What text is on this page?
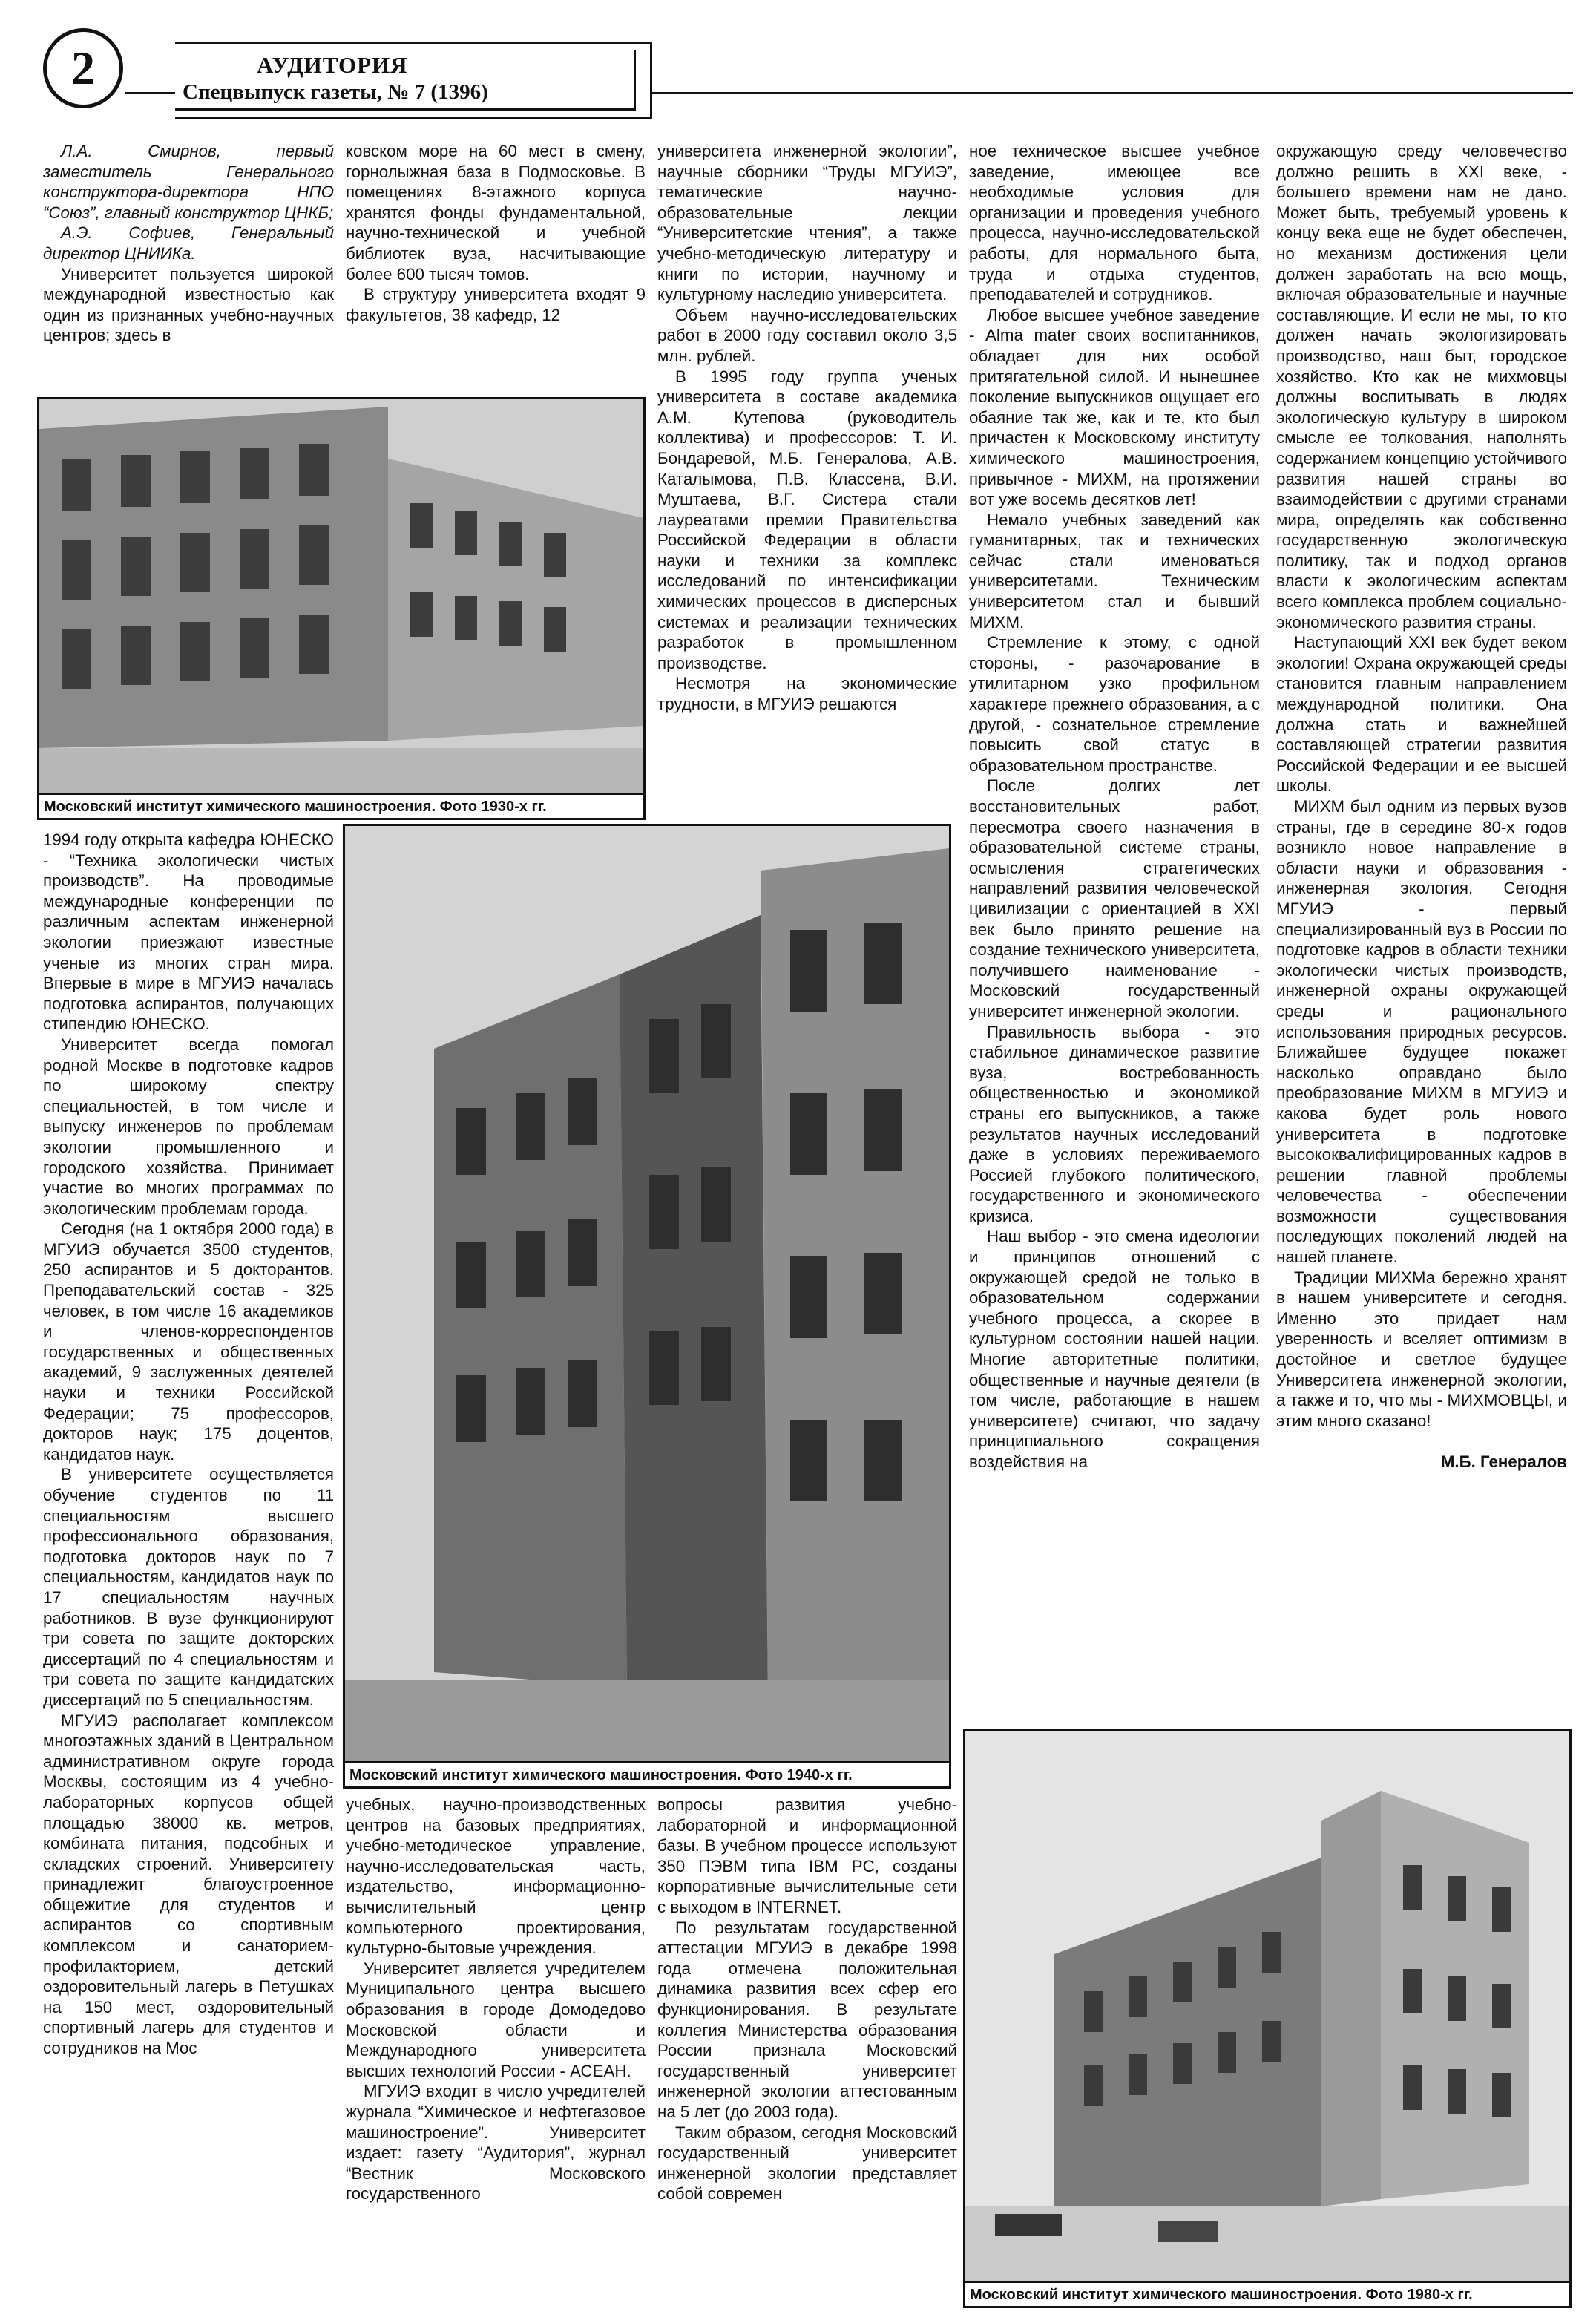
2	АУДИТОРИЯ
Спецвыпуск газеты, № 7 (1396)

Л.А. Смирнов, первый заместитель Генерального конструктора-директора НПО “Союз”, главный конструктор ЦНКБ;

А.Э. Софиев, Генеральный директор ЦНИИКа.

Университет пользуется широкой международной известностью как один из признанных учебно-научных центров; здесь в

ковском море на 60 мест в смену, горнолыжная база в Подмосковье. В помещениях 8-этажного корпуса хранятся фонды фундаментальной, научно-технической и учебной библиотек вуза, насчитывающие более 600 тысяч томов.

В структуру университета входят 9 факультетов, 38 кафедр, 12

Московский институт химического машиностроения. Фото 1930-х гг.

университета инженерной экологии”, научные сборники “Труды МГУИЭ”, тематические научно-образовательные лекции “Университетские чтения”, а также учебно-методическую литературу и книги по истории, научному и культурному наследию университета.

Объем научно-исследовательских работ в 2000 году составил около 3,5 млн. рублей.

В 1995 году группа ученых университета в составе академика А.М. Кутепова (руководитель коллектива) и профессоров: Т. И. Бондаревой, М.Б. Генералова, А.В. Каталымова, П.В. Класcена, В.И. Муштаева, В.Г. Систера стали лауреатами премии Правительства Российской Федерации в области науки и техники за комплекс исследований по интенсификации химических процессов в дисперсных системах и реализации технических разработок в промышленном производстве.

Несмотря на экономические трудности, в МГУИЭ решаются

1994 году открыта кафедра ЮНЕСКО - “Техника экологически чистых производств”. На проводимые международные конференции по различным аспектам инженерной экологии приезжают известные ученые из многих стран мира. Впервые в мире в МГУИЭ началась подготовка аспирантов, получающих стипендию ЮНЕСКО.

Университет всегда помогал родной Москве в подготовке кадров по широкому спектру специальностей, в том числе и выпуску инженеров по проблемам экологии промышленного и городского хозяйства. Принимает участие во многих программах по экологическим проблемам города.

Сегодня (на 1 октября 2000 года) в МГУИЭ обучается 3500 студентов, 250 аспирантов и 5 докторантов. Преподавательский состав - 325 человек, в том числе 16 академиков и членов-корреспондентов государственных и общественных академий, 9 заслуженных деятелей науки и техники Российской Федерации; 75 профессоров, докторов наук; 175 доцентов, кандидатов наук.

В университете осуществляется обучение студентов по 11 специальностям высшего профессионального образования, подготовка докторов наук по 7 специальностям, кандидатов наук по 17 специальностям научных работников. В вузе функционируют три совета по защите докторских диссертаций по 4 специальностям и три совета по защите кандидатских диссертаций по 5 специальностям.

МГУИЭ располагает комплексом многоэтажных зданий в Центральном административном округе города Москвы, состоящим из 4 учебно-лабораторных корпусов общей площадью 38000 кв. метров, комбината питания, подсобных и складских строений. Университету принадлежит благоустроенное общежитие для студентов и аспирантов со спортивным комплексом и санаторием-профилакторием, детский оздоровительный лагерь в Петушках на 150 мест, оздоровительный спортивный лагерь для студентов и сотрудников на Мос

Московский институт химического машиностроения. Фото 1940-х гг.

учебных, научно-производственных центров на базовых предприятиях, учебно-методическое управление, научно-исследовательская часть, издательство, информационно-вычислительный центр компьютерного проектирования, культурно-бытовые учреждения.

Университет является учредителем Муниципального центра высшего образования в городе Домодедово Московской области и Международного университета высших технологий России - АСЕАН.

МГУИЭ входит в число учредителей журнала “Химическое и нефтегазовое машиностроение”. Университет издает: газету “Аудитория”, журнал “Вестник Московского государственного

вопросы развития учебно-лабораторной и информационной базы. В учебном процессе используют 350 ПЭВМ типа IBM PC, созданы корпоративные вычислительные сети с выходом в INTERNET.

По результатам государственной аттестации МГУИЭ в декабре 1998 года отмечена положительная динамика развития всех сфер его функционирования. В результате коллегия Министерства образования России признала Московский государственный университет инженерной экологии аттестованным на 5 лет (до 2003 года).

Таким образом, сегодня Московский государственный университет инженерной экологии представляет собой современ

ное техническое высшее учебное заведение, имеющее все необходимые условия для организации и проведения учебного процесса, научно-исследовательской работы, для нормального быта, труда и отдыха студентов, преподавателей и сотрудников.

Любое высшее учебное заведение - Alma mater своих воспитанников, обладает для них особой притягательной силой. И нынешнее поколение выпускников ощущает его обаяние так же, как и те, кто был причастен к Московскому институту химического машиностроения, привычное - МИХМ, на протяжении вот уже восемь десятков лет!

Немало учебных заведений как гуманитарных, так и технических сейчас стали именоваться университетами. Техническим университетом стал и бывший МИХМ.

Стремление к этому, с одной стороны, - разочарование в утилитарном узко профильном характере прежнего образования, а с другой, - сознательное стремление повысить свой статус в образовательном пространстве.

После долгих лет восстановительных работ, пересмотра своего назначения в образовательной системе страны, осмысления стратегических направлений развития человеческой цивилизации с ориентацией в XXI век было принято решение на создание технического университета, получившего наименование - Московский государственный университет инженерной экологии.

Правильность выбора - это стабильное динамическое развитие вуза, востребованность общественностью и экономикой страны его выпускников, а также результатов научных исследований даже в условиях переживаемого Россией глубокого политического, государственного и экономического кризиса.

Наш выбор - это смена идеологии и принципов отношений с окружающей средой не только в образовательном содержании учебного процесса, а скорее в культурном состоянии нашей нации. Многие авторитетные политики, общественные и научные деятели (в том числе, работающие в нашем университете) считают, что задачу принципиального сокращения воздействия на

окружающую среду человечество должно решить в XXI веке, - большего времени нам не дано. Может быть, требуемый уровень к концу века еще не будет обеспечен, но механизм достижения цели должен заработать на всю мощь, включая образовательные и научные составляющие. И если не мы, то кто должен начать экологизировать производство, наш быт, городское хозяйство. Кто как не михмовцы должны воспитывать в людях экологическую культуру в широком смысле ее толкования, наполнять содержанием концепцию устойчивого развития нашей страны во взаимодействии с другими странами мира, определять как собственно государственную экологическую политику, так и подход органов власти к экологическим аспектам всего комплекса проблем социально-экономического развития страны.

Наступающий XXI век будет веком экологии! Охрана окружающей среды становится главным направлением международной политики. Она должна стать и важнейшей составляющей стратегии развития Российской Федерации и ее высшей школы.

МИХМ был одним из первых вузов страны, где в середине 80-х годов возникло новое направление в области науки и образования - инженерная экология. Сегодня МГУИЭ - первый специализированный вуз в России по подготовке кадров в области техники экологически чистых производств, инженерной охраны окружающей среды и рационального использования природных ресурсов. Ближайшее будущее покажет насколько оправдано было преобразование МИХМ в МГУИЭ и какова будет роль нового университета в подготовке высококвалифицированных кадров в решении главной проблемы человечества - обеспечении возможности существования последующих поколений людей на нашей планете.

Традиции МИХМа бережно хранят в нашем университете и сегодня. Именно это придает нам уверенность и вселяет оптимизм в достойное и светлое будущее Университета инженерной экологии, а также и то, что мы - МИХМОВЦЫ, и этим много сказано!

М.Б. Генералов

Московский институт химического машиностроения. Фото 1980-х гг.
